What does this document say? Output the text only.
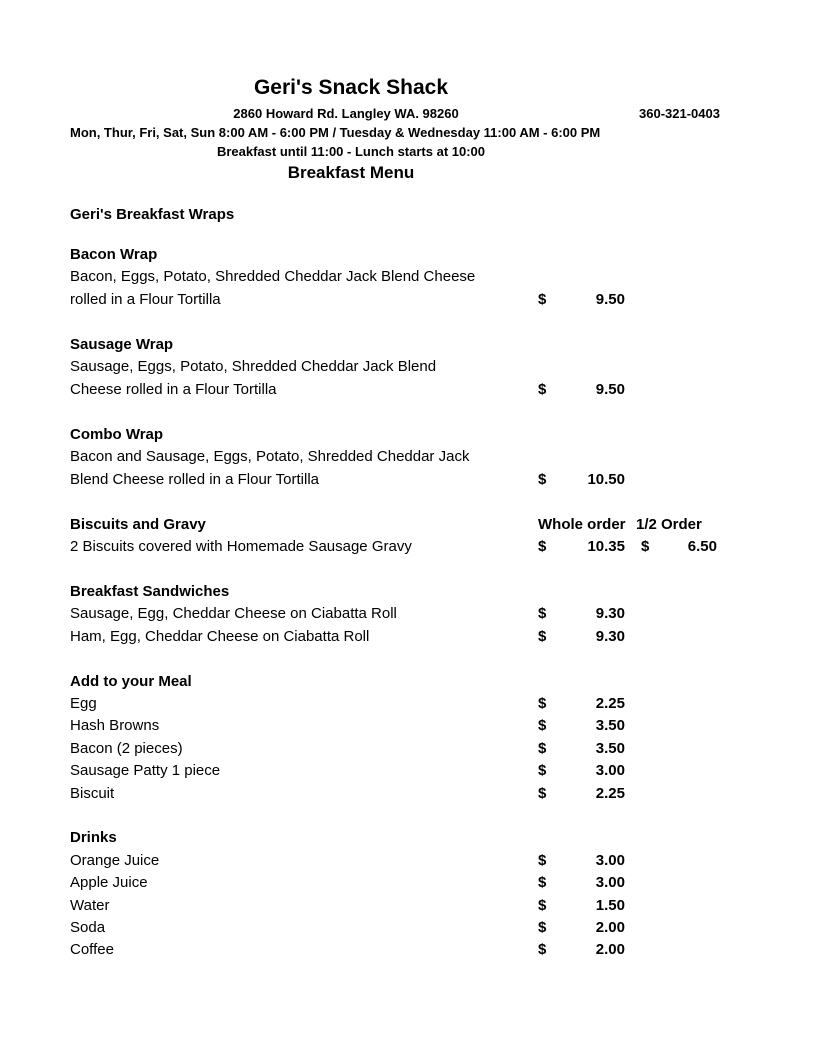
Geri's Snack Shack
2860 Howard Rd. Langley WA. 98260	360-321-0403
Mon, Thur, Fri, Sat, Sun 8:00 AM - 6:00 PM / Tuesday & Wednesday 11:00 AM - 6:00 PM
Breakfast until 11:00 - Lunch starts at 10:00
Breakfast Menu
Geri's Breakfast Wraps
Bacon Wrap
Bacon, Eggs, Potato, Shredded Cheddar Jack Blend Cheese
rolled in a Flour Tortilla	$	9.50
Sausage Wrap
Sausage, Eggs, Potato, Shredded Cheddar Jack Blend
Cheese rolled in a Flour Tortilla	$	9.50
Combo Wrap
Bacon and Sausage, Eggs, Potato, Shredded Cheddar Jack
Blend Cheese rolled in a Flour Tortilla	$	10.50
Biscuits and Gravy	Whole order 1/2 Order
2 Biscuits covered with Homemade Sausage Gravy	$	10.35 $	6.50
Breakfast Sandwiches
Sausage, Egg, Cheddar Cheese on Ciabatta Roll	$	9.30
Ham, Egg, Cheddar Cheese on Ciabatta Roll	$	9.30
Add to your Meal
Egg	$	2.25
Hash Browns	$	3.50
Bacon (2 pieces)	$	3.50
Sausage Patty 1 piece	$	3.00
Biscuit	$	2.25
Drinks
Orange Juice	$	3.00
Apple Juice	$	3.00
Water	$	1.50
Soda	$	2.00
Coffee	$	2.00
